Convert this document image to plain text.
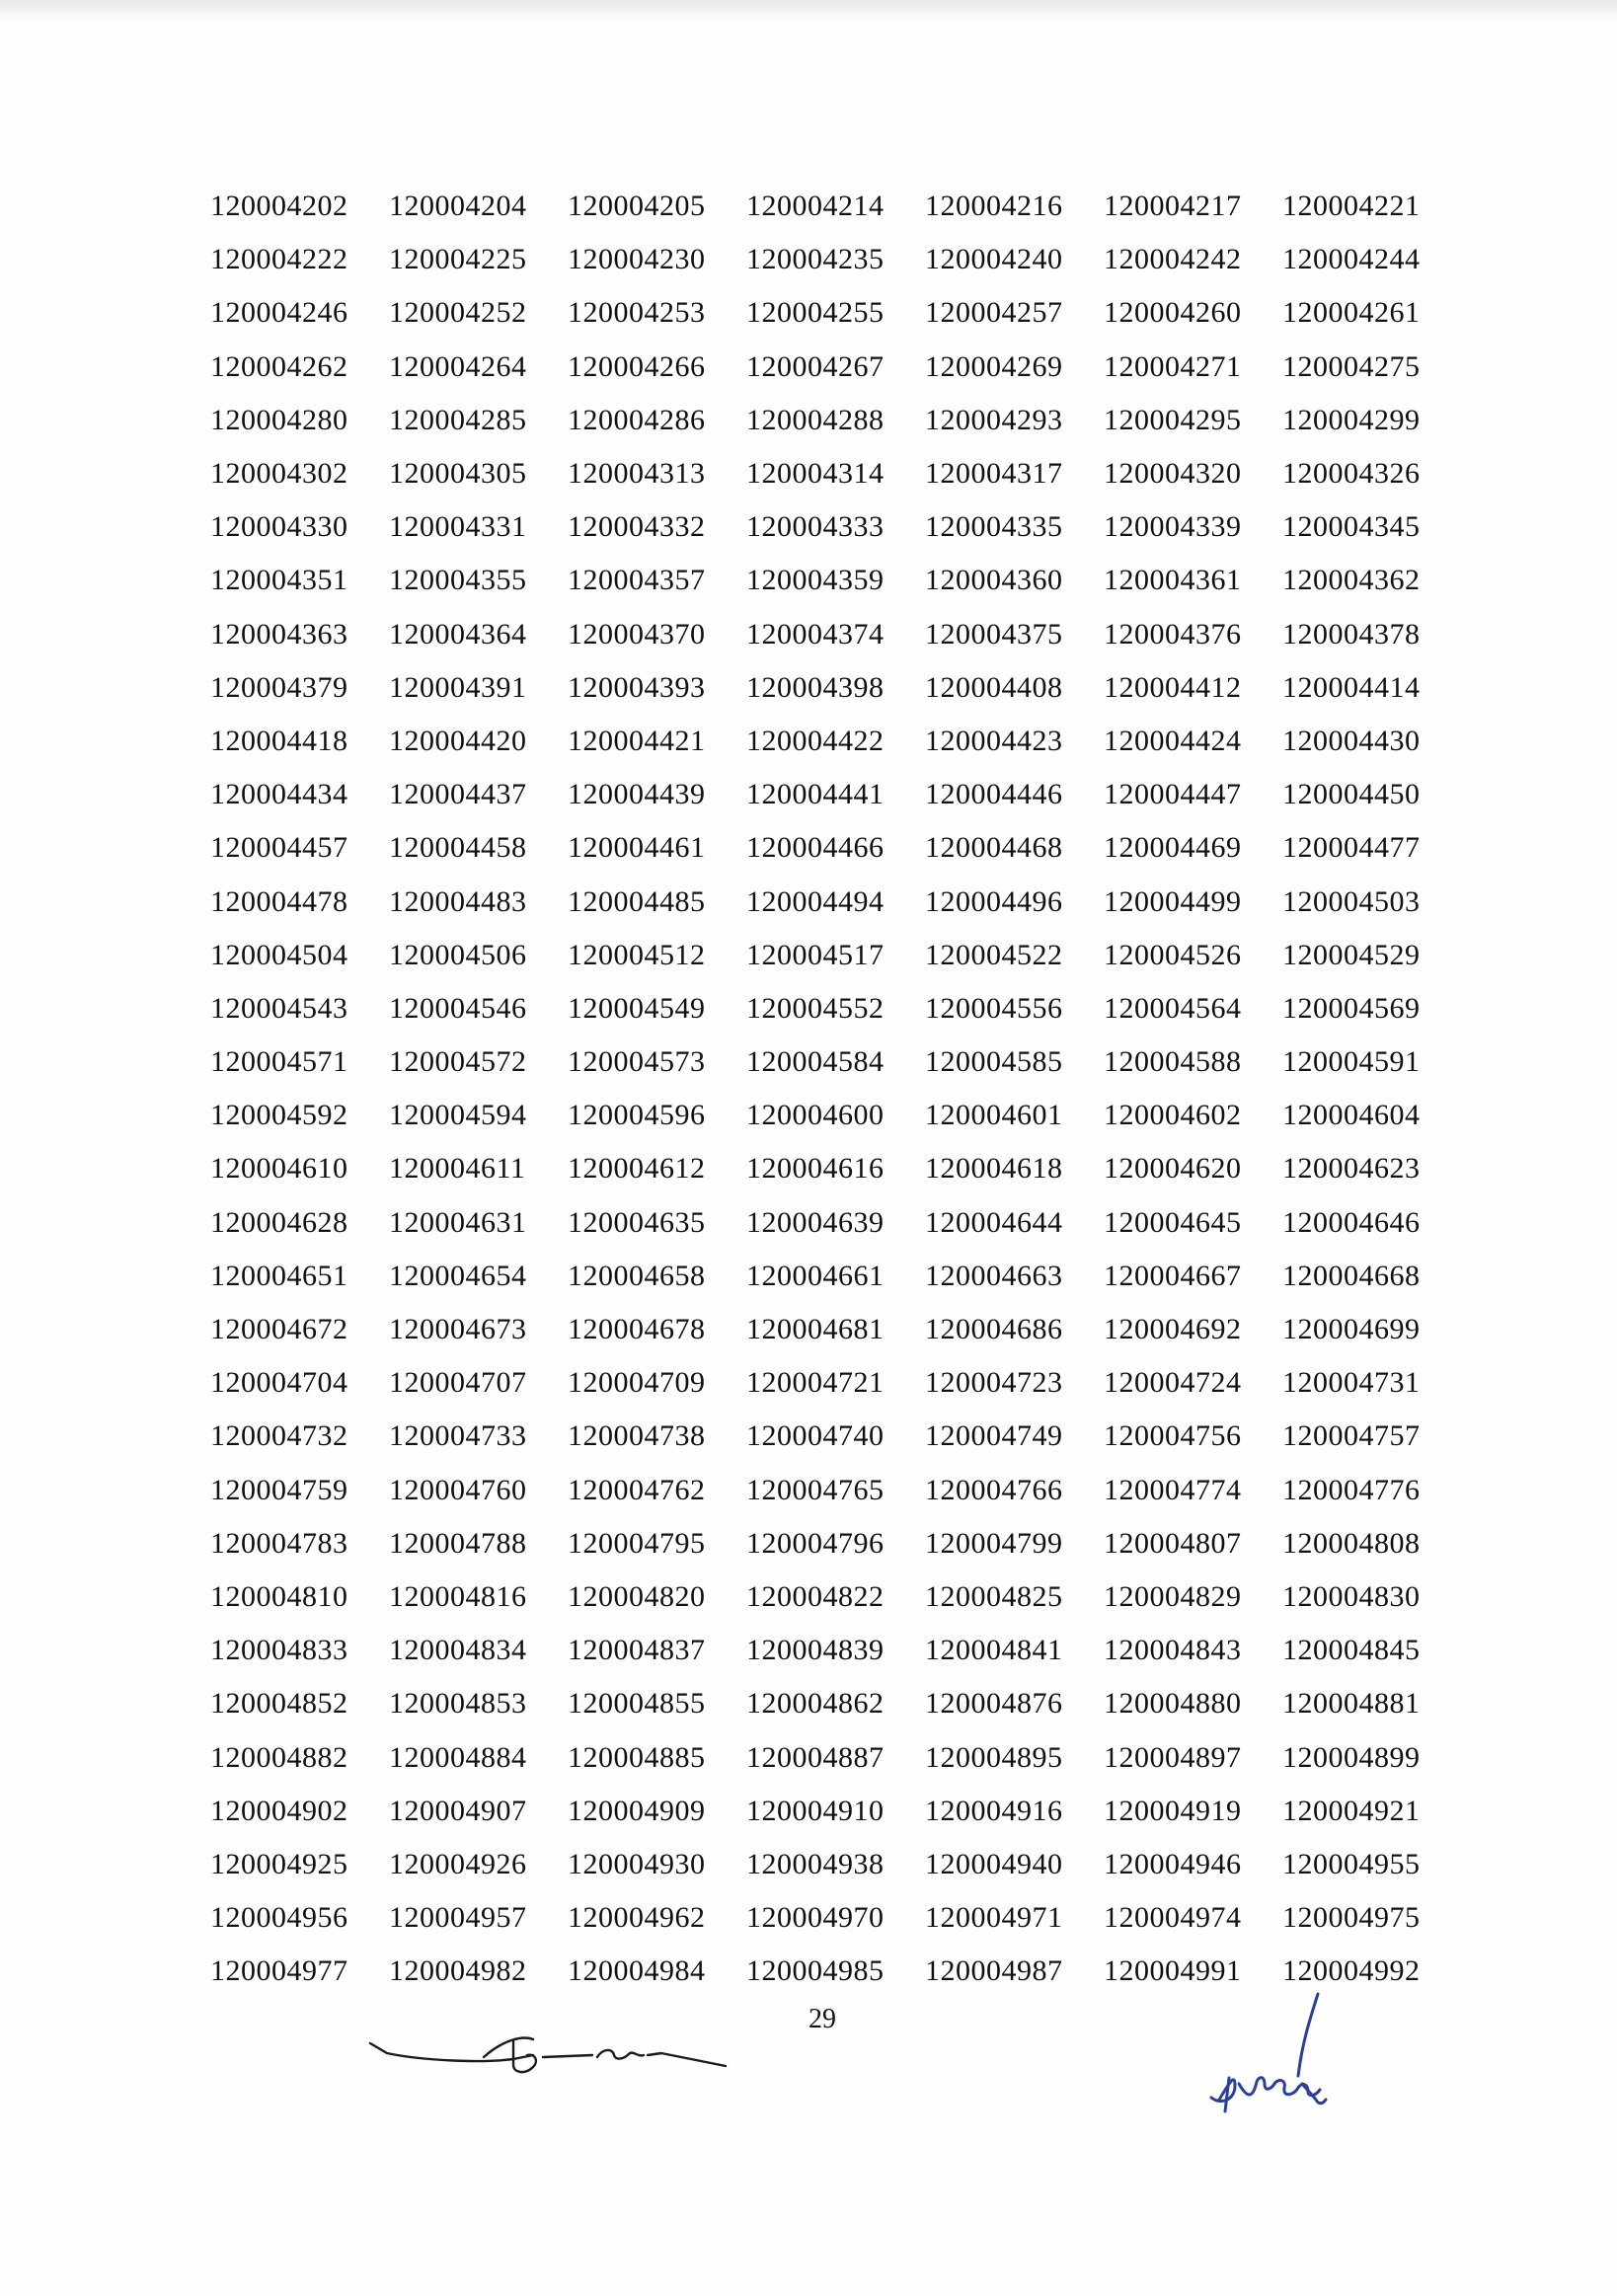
120004202	120004204	120004205	120004214	120004216	120004217	120004221
120004222	120004225	120004230	120004235	120004240	120004242	120004244
120004246	120004252	120004253	120004255	120004257	120004260	120004261
120004262	120004264	120004266	120004267	120004269	120004271	120004275
120004280	120004285	120004286	120004288	120004293	120004295	120004299
120004302	120004305	120004313	120004314	120004317	120004320	120004326
120004330	120004331	120004332	120004333	120004335	120004339	120004345
120004351	120004355	120004357	120004359	120004360	120004361	120004362
120004363	120004364	120004370	120004374	120004375	120004376	120004378
120004379	120004391	120004393	120004398	120004408	120004412	120004414
120004418	120004420	120004421	120004422	120004423	120004424	120004430
120004434	120004437	120004439	120004441	120004446	120004447	120004450
120004457	120004458	120004461	120004466	120004468	120004469	120004477
120004478	120004483	120004485	120004494	120004496	120004499	120004503
120004504	120004506	120004512	120004517	120004522	120004526	120004529
120004543	120004546	120004549	120004552	120004556	120004564	120004569
120004571	120004572	120004573	120004584	120004585	120004588	120004591
120004592	120004594	120004596	120004600	120004601	120004602	120004604
120004610	120004611	120004612	120004616	120004618	120004620	120004623
120004628	120004631	120004635	120004639	120004644	120004645	120004646
120004651	120004654	120004658	120004661	120004663	120004667	120004668
120004672	120004673	120004678	120004681	120004686	120004692	120004699
120004704	120004707	120004709	120004721	120004723	120004724	120004731
120004732	120004733	120004738	120004740	120004749	120004756	120004757
120004759	120004760	120004762	120004765	120004766	120004774	120004776
120004783	120004788	120004795	120004796	120004799	120004807	120004808
120004810	120004816	120004820	120004822	120004825	120004829	120004830
120004833	120004834	120004837	120004839	120004841	120004843	120004845
120004852	120004853	120004855	120004862	120004876	120004880	120004881
120004882	120004884	120004885	120004887	120004895	120004897	120004899
120004902	120004907	120004909	120004910	120004916	120004919	120004921
120004925	120004926	120004930	120004938	120004940	120004946	120004955
120004956	120004957	120004962	120004970	120004971	120004974	120004975
120004977	120004982	120004984	120004985	120004987	120004991	120004992
29
